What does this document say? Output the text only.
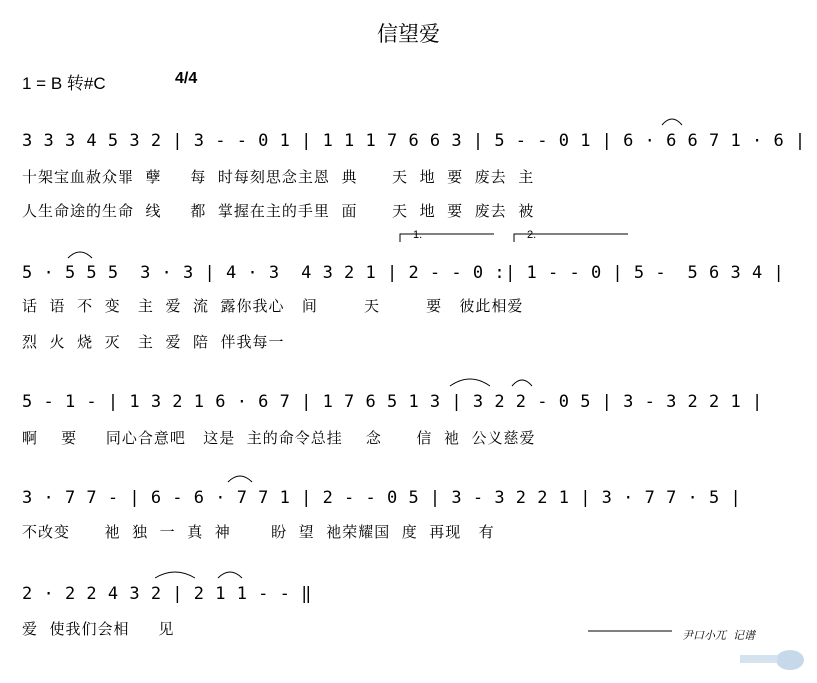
信望爱
1 = B 转#C	4/4
3 3 3 4 5 3 2 | 3 - - 0 1 | 1 1 1 7 6 6 3 | 5 - - 0 1 | 6 · 6 6 7 1 · 6 |
十架宝血赦众罪  孽     每  时每刻思念主恩  典      天  地  要  废去  主
人生命途的生命  线     都  掌握在主的手里  面      天  地  要  废去  被
1.	2.
5 · 5 5 5  3 · 3 | 4 · 3  4 3 2 1 | 2 - - 0 :| 1 - - 0 | 5 -  5 6 3 4 |
话  语  不  变   主  爱  流  露你我心   间        天        要   彼此相爱
烈  火  烧  灭   主  爱  陪  伴我每一
5 - 1 - | 1 3 2 1 6 · 6 7 | 1 7 6 5 1 3 | 3 2 2 - 0 5 | 3 - 3 2 2 1 |
啊    要     同心合意吧   这是  主的命令总挂    念      信  祂  公义慈爱
3 · 7 7 - | 6 - 6 · 7 7 1 | 2 - - 0 5 | 3 - 3 2 2 1 | 3 · 7 7 · 5 |
不改变      祂  独  一  真  神       盼  望  祂荣耀国  度  再现   有
2 · 2 2 4 3 2 | 2 1 1 - - ‖
爱  使我们会相     见	尹口小兀  记谱
